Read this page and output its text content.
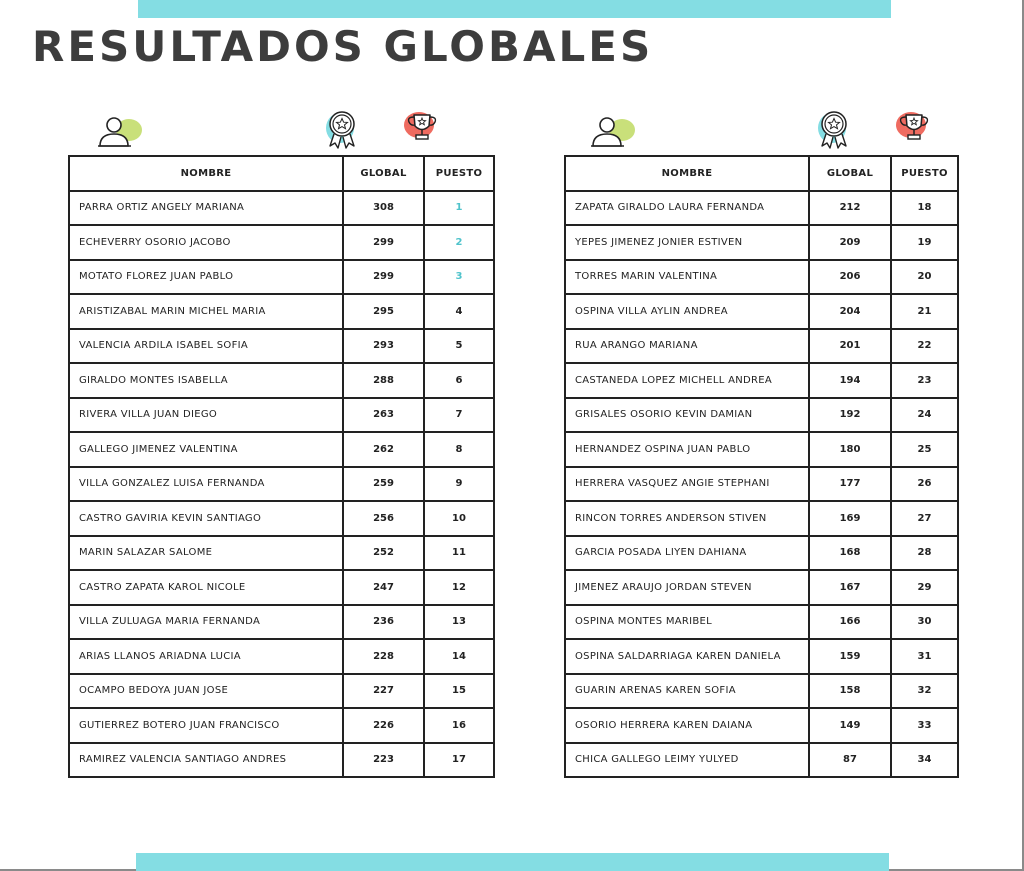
RESULTADOS GLOBALES
NOMBRE	GLOBAL	PUESTO
PARRA ORTIZ ANGELY MARIANA	308	1
ECHEVERRY OSORIO JACOBO	299	2
MOTATO FLOREZ JUAN PABLO	299	3
ARISTIZABAL MARIN MICHEL MARIA	295	4
VALENCIA ARDILA ISABEL SOFIA	293	5
GIRALDO MONTES ISABELLA	288	6
RIVERA VILLA JUAN DIEGO	263	7
GALLEGO JIMENEZ VALENTINA	262	8
VILLA GONZALEZ LUISA FERNANDA	259	9
CASTRO GAVIRIA KEVIN SANTIAGO	256	10
MARIN SALAZAR SALOME	252	11
CASTRO ZAPATA KAROL NICOLE	247	12
VILLA ZULUAGA MARIA FERNANDA	236	13
ARIAS LLANOS ARIADNA LUCIA	228	14
OCAMPO BEDOYA JUAN JOSE	227	15
GUTIERREZ BOTERO JUAN FRANCISCO	226	16
RAMIREZ VALENCIA SANTIAGO ANDRES	223	17
NOMBRE	GLOBAL	PUESTO
ZAPATA GIRALDO LAURA FERNANDA	212	18
YEPES JIMENEZ JONIER ESTIVEN	209	19
TORRES MARIN VALENTINA	206	20
OSPINA VILLA AYLIN ANDREA	204	21
RUA ARANGO MARIANA	201	22
CASTANEDA LOPEZ MICHELL ANDREA	194	23
GRISALES OSORIO KEVIN DAMIAN	192	24
HERNANDEZ OSPINA JUAN PABLO	180	25
HERRERA VASQUEZ ANGIE STEPHANI	177	26
RINCON TORRES ANDERSON STIVEN	169	27
GARCIA POSADA LIYEN DAHIANA	168	28
JIMENEZ ARAUJO JORDAN STEVEN	167	29
OSPINA MONTES MARIBEL	166	30
OSPINA SALDARRIAGA KAREN DANIELA	159	31
GUARIN ARENAS KAREN SOFIA	158	32
OSORIO HERRERA KAREN DAIANA	149	33
CHICA GALLEGO LEIMY YULYED	87	34
